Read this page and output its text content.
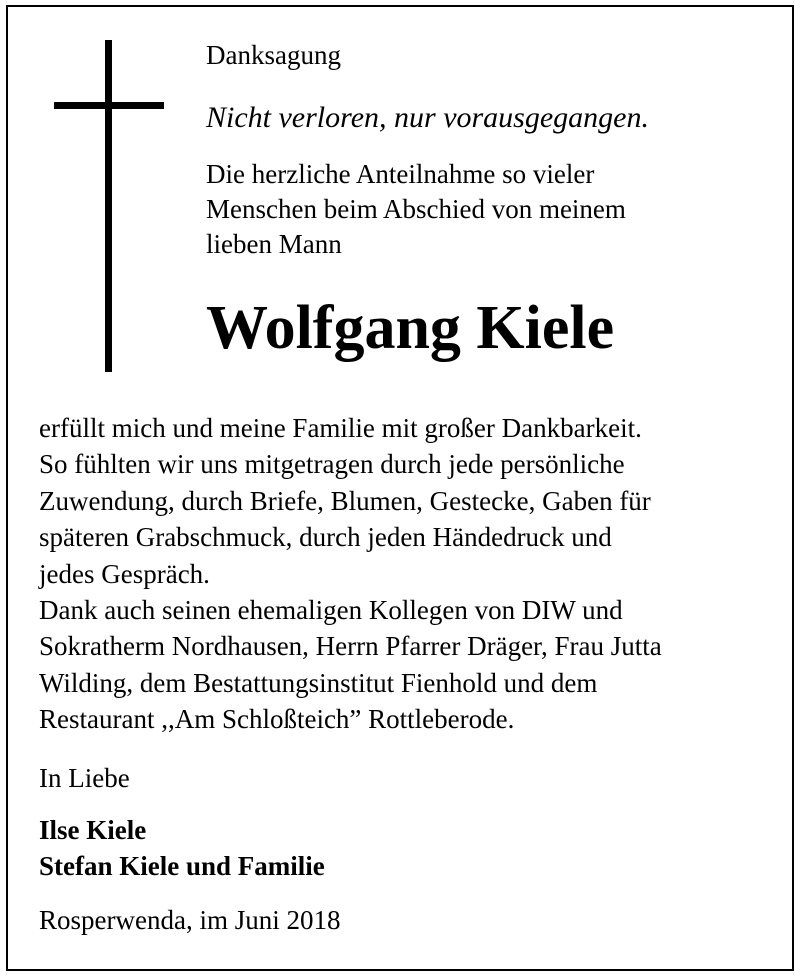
Danksagung
Nicht verloren, nur vorausgegangen.
Die herzliche Anteilnahme so vieler
Menschen beim Abschied von meinem
lieben Mann
Wolfgang Kiele
erfüllt mich und meine Familie mit großer Dankbarkeit.
So fühlten wir uns mitgetragen durch jede persönliche
Zuwendung, durch Briefe, Blumen, Gestecke, Gaben für
späteren Grabschmuck, durch jeden Händedruck und
jedes Gespräch.
Dank auch seinen ehemaligen Kollegen von DIW und
Sokratherm Nordhausen, Herrn Pfarrer Dräger, Frau Jutta
Wilding, dem Bestattungsinstitut Fienhold und dem
Restaurant ,,Am Schloßteich” Rottleberode.
In Liebe
Ilse Kiele
Stefan Kiele und Familie
Rosperwenda, im Juni 2018
